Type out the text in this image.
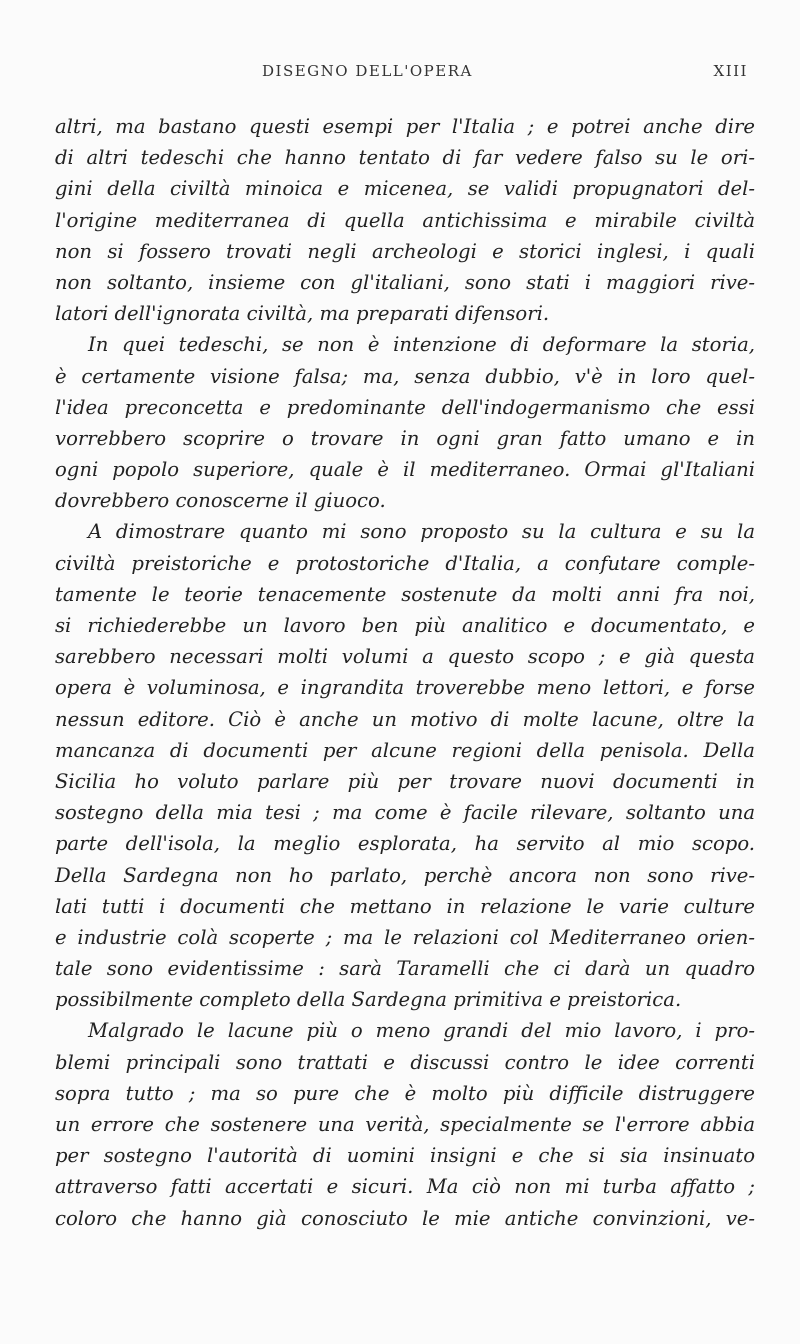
DISEGNO DELL'OPERA	XIII
altri, ma bastano questi esempi per l'Italia ; e potrei anche dire
di altri tedeschi che hanno tentato di far vedere falso su le ori-
gini della civiltà minoica e micenea, se validi propugnatori del-
l'origine mediterranea di quella antichissima e mirabile civiltà
non si fossero trovati negli archeologi e storici inglesi, i quali
non soltanto, insieme con gl'italiani, sono stati i maggiori rive-
latori dell'ignorata civiltà, ma preparati difensori.
In quei tedeschi, se non è intenzione di deformare la storia,
è certamente visione falsa; ma, senza dubbio, v'è in loro quel-
l'idea preconcetta e predominante dell'indogermanismo che essi
vorrebbero scoprire o trovare in ogni gran fatto umano e in
ogni popolo superiore, quale è il mediterraneo. Ormai gl'Italiani
dovrebbero conoscerne il giuoco.
A dimostrare quanto mi sono proposto su la cultura e su la
civiltà preistoriche e protostoriche d'Italia, a confutare comple-
tamente le teorie tenacemente sostenute da molti anni fra noi,
si richiederebbe un lavoro ben più analitico e documentato, e
sarebbero necessari molti volumi a questo scopo ; e già questa
opera è voluminosa, e ingrandita troverebbe meno lettori, e forse
nessun editore. Ciò è anche un motivo di molte lacune, oltre la
mancanza di documenti per alcune regioni della penisola. Della
Sicilia ho voluto parlare più per trovare nuovi documenti in
sostegno della mia tesi ; ma come è facile rilevare, soltanto una
parte dell'isola, la meglio esplorata, ha servito al mio scopo.
Della Sardegna non ho parlato, perchè ancora non sono rive-
lati tutti i documenti che mettano in relazione le varie culture
e industrie colà scoperte ; ma le relazioni col Mediterraneo orien-
tale sono evidentissime : sarà Taramelli che ci darà un quadro
possibilmente completo della Sardegna primitiva e preistorica.
Malgrado le lacune più o meno grandi del mio lavoro, i pro-
blemi principali sono trattati e discussi contro le idee correnti
sopra tutto ; ma so pure che è molto più difficile distruggere
un errore che sostenere una verità, specialmente se l'errore abbia
per sostegno l'autorità di uomini insigni e che si sia insinuato
attraverso fatti accertati e sicuri. Ma ciò non mi turba affatto ;
coloro che hanno già conosciuto le mie antiche convinzioni, ve-
